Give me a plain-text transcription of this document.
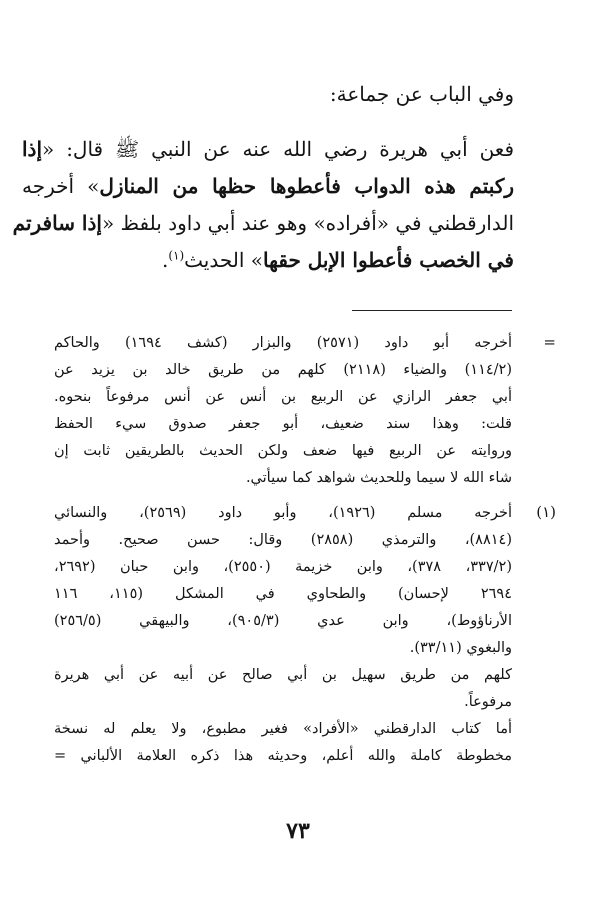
وفي الباب عن جماعة:
فعن أبي هريرة رضي الله عنه عن النبي ﷺ قال: «إذا
ركبتم هذه الدواب فأعطوها حظها من المنازل» أخرجه
الدارقطني في «أفراده» وهو عند أبي داود بلفظ «إذا سافرتم
في الخصب فأعطوا الإبل حقها» الحديث$^{(١)}$.
=
أخرجه أبو داود (٢٥٧١) والبزار (كشف ١٦٩٤) والحاكم
(١١٤/٢) والضياء (٢١١٨) كلهم من طريق خالد بن يزيد عن
أبي جعفر الرازي عن الربيع بن أنس عن أنس مرفوعاً بنحوه.
قلت: وهذا سند ضعيف، أبو جعفر صدوق سيء الحفظ
وروايته عن الربيع فيها ضعف ولكن الحديث بالطريقين ثابت إن
شاء الله لا سيما وللحديث شواهد كما سيأتي.
(١)
أخرجه مسلم (١٩٢٦)، وأبو داود (٢٥٦٩)، والنسائي
(٨٨١٤)، والترمذي (٢٨٥٨) وقال: حسن صحيح. وأحمد
(٣٣٧/٢، ٣٧٨)، وابن خزيمة (٢٥٥٠)، وابن حبان (٢٦٩٢،
٢٦٩٤ لإحسان) والطحاوي في المشكل (١١٥، ١١٦
الأرناؤوط)، وابن عدي (٩٠٥/٣)، والبيهقي (٢٥٦/٥)
والبغوي (٣٣/١١).
كلهم من طريق سهيل بن أبي صالح عن أبيه عن أبي هريرة
مرفوعاً.
أما كتاب الدارقطني «الأفراد» فغير مطبوع، ولا يعلم له نسخة
مخطوطة كاملة والله أعلم، وحديثه هذا ذكره العلامة الألباني =
٧٣
